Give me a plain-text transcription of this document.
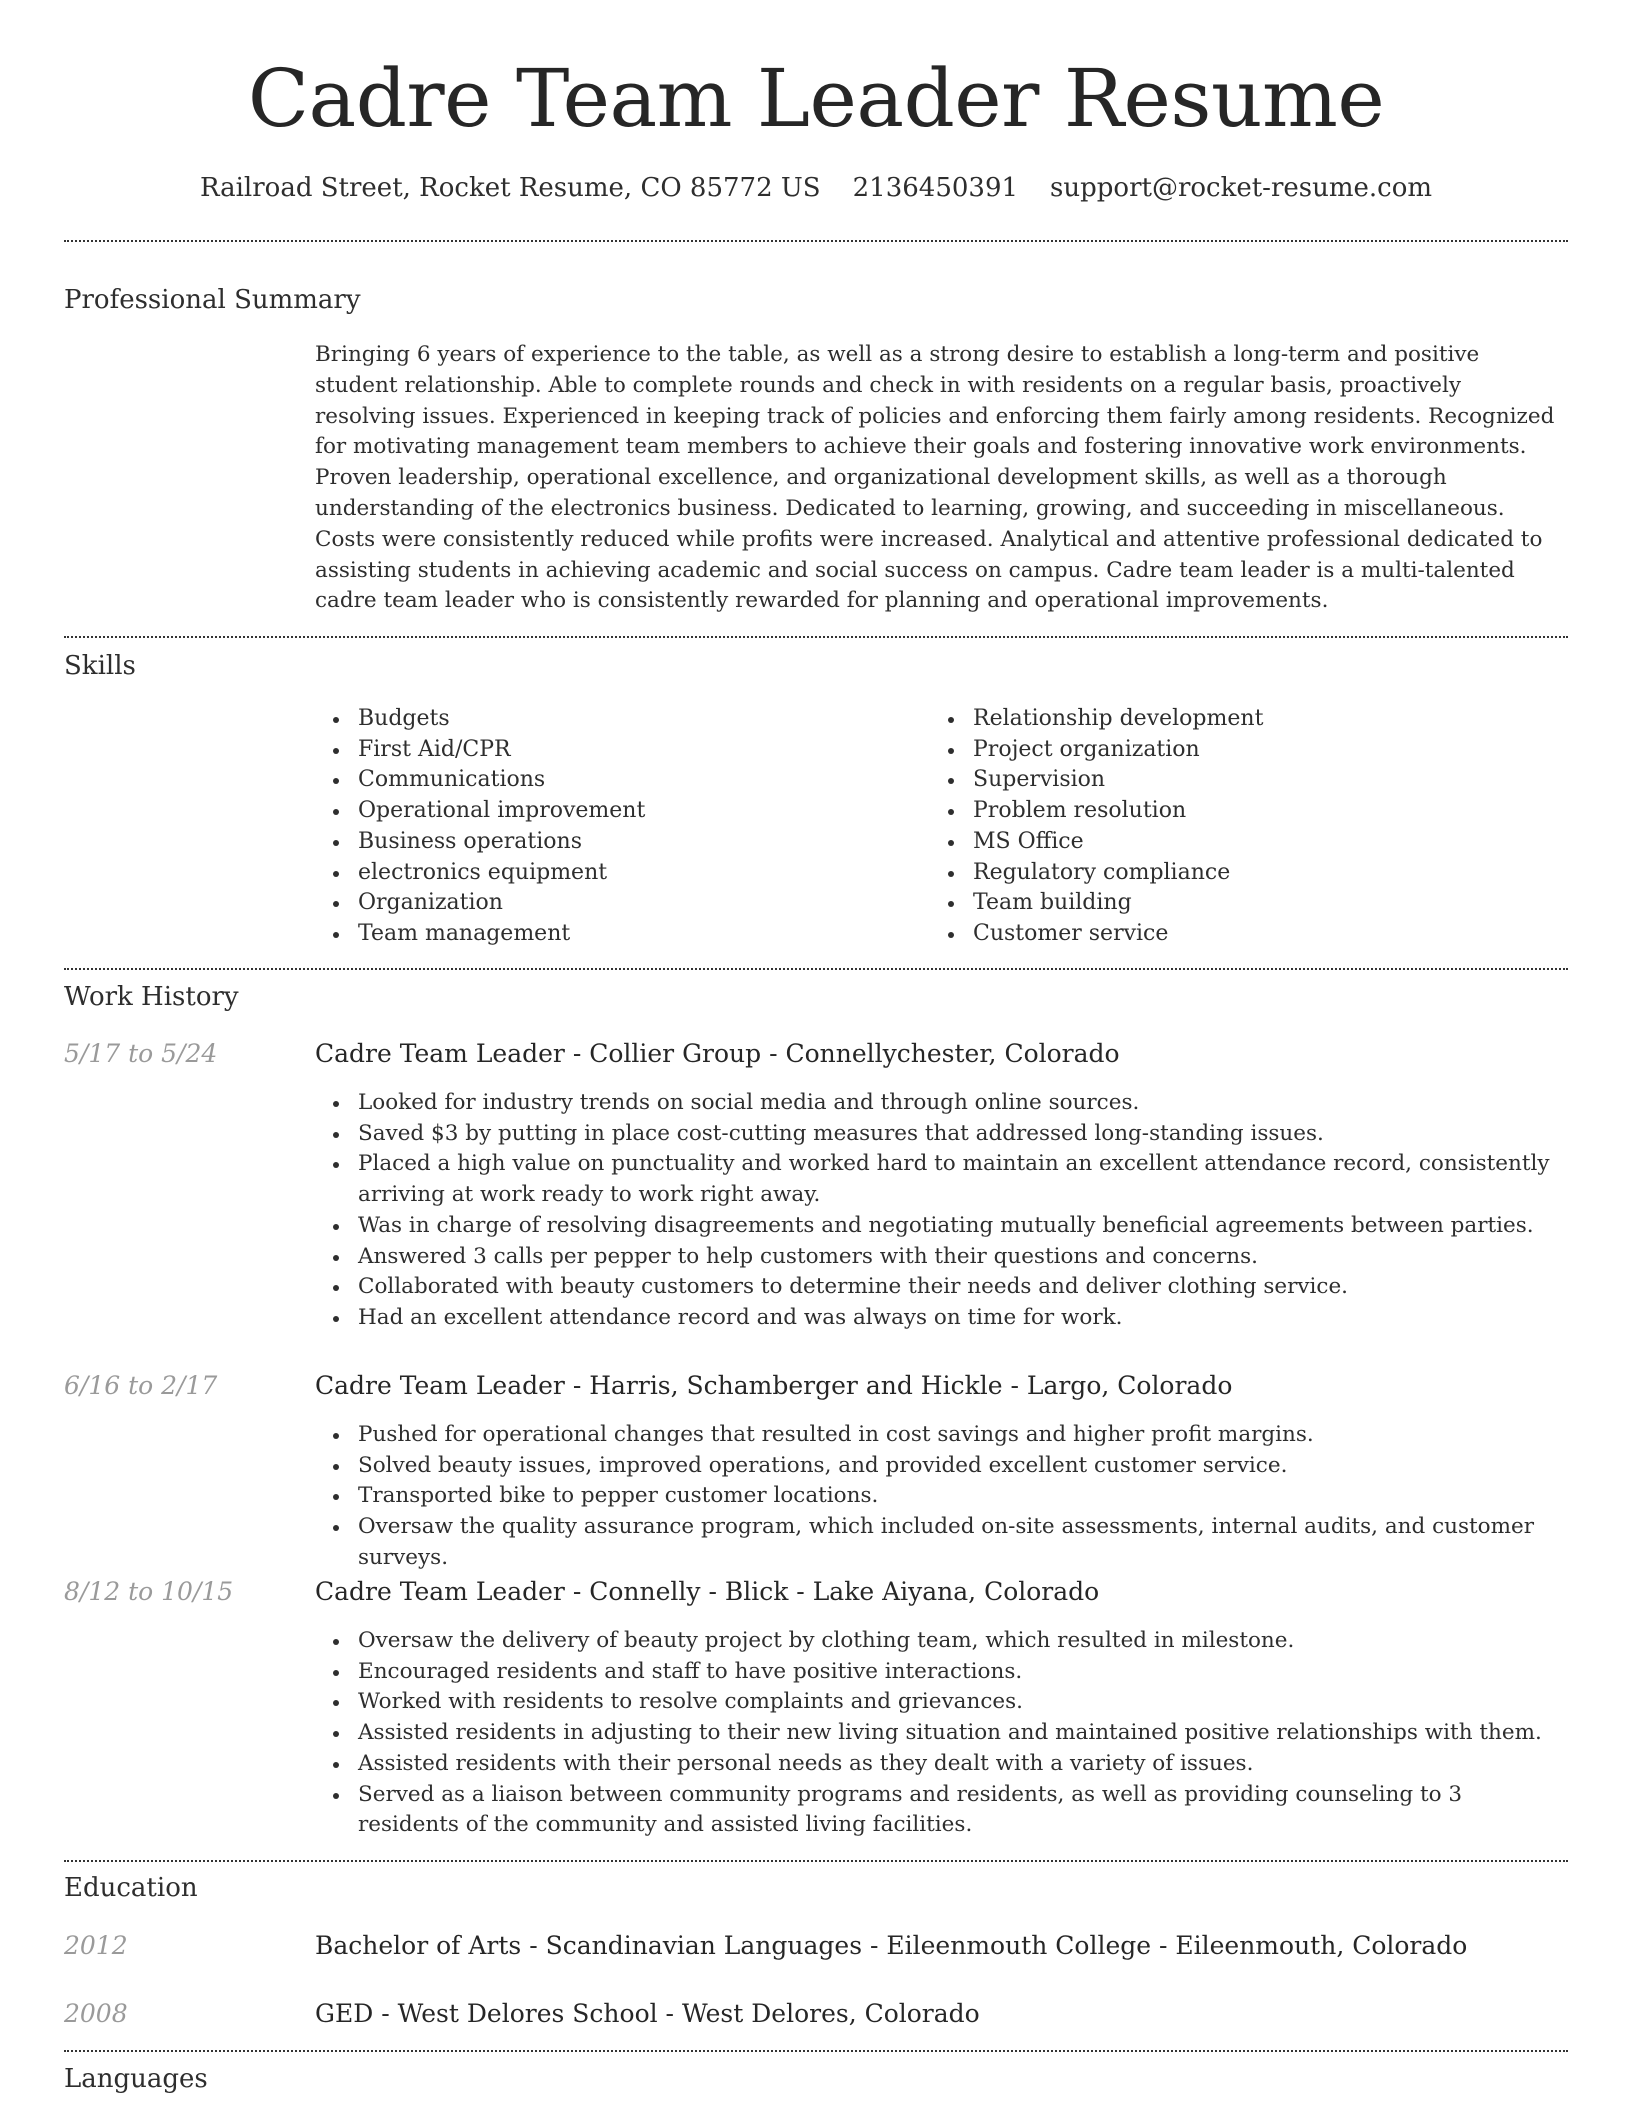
Cadre Team Leader Resume
Railroad Street, Rocket Resume, CO 85772 US 2136450391 support@rocket-resume.com
Professional Summary

Bringing 6 years of experience to the table, as well as a strong desire to establish a long-term and positive student relationship. Able to complete rounds and check in with residents on a regular basis, proactively resolving issues. Experienced in keeping track of policies and enforcing them fairly among residents. Recognized for motivating management team members to achieve their goals and fostering innovative work environments. Proven leadership, operational excellence, and organizational development skills, as well as a thorough understanding of the electronics business. Dedicated to learning, growing, and succeeding in miscellaneous. Costs were consistently reduced while profits were increased. Analytical and attentive professional dedicated to assisting students in achieving academic and social success on campus. Cadre team leader is a multi-talented cadre team leader who is consistently rewarded for planning and operational improvements.

Skills
Budgets
First Aid/CPR
Communications
Operational improvement
Business operations
electronics equipment
Organization
Team management
Relationship development
Project organization
Supervision
Problem resolution
MS Office
Regulatory compliance
Team building
Customer service
Work History
5/17 to 5/24	Cadre Team Leader - Collier Group - Connellychester, Colorado
Looked for industry trends on social media and through online sources.
Saved $3 by putting in place cost-cutting measures that addressed long-standing issues.
Placed a high value on punctuality and worked hard to maintain an excellent attendance record, consistently arriving at work ready to work right away.
Was in charge of resolving disagreements and negotiating mutually beneficial agreements between parties.
Answered 3 calls per pepper to help customers with their questions and concerns.
Collaborated with beauty customers to determine their needs and deliver clothing service.
Had an excellent attendance record and was always on time for work.
6/16 to 2/17	Cadre Team Leader - Harris, Schamberger and Hickle - Largo, Colorado
Pushed for operational changes that resulted in cost savings and higher profit margins.
Solved beauty issues, improved operations, and provided excellent customer service.
Transported bike to pepper customer locations.
Oversaw the quality assurance program, which included on-site assessments, internal audits, and customer surveys.
8/12 to 10/15	Cadre Team Leader - Connelly - Blick - Lake Aiyana, Colorado
Oversaw the delivery of beauty project by clothing team, which resulted in milestone.
Encouraged residents and staff to have positive interactions.
Worked with residents to resolve complaints and grievances.
Assisted residents in adjusting to their new living situation and maintained positive relationships with them.
Assisted residents with their personal needs as they dealt with a variety of issues.
Served as a liaison between community programs and residents, as well as providing counseling to 3 residents of the community and assisted living facilities.
Education
2012	Bachelor of Arts - Scandinavian Languages - Eileenmouth College - Eileenmouth, Colorado
2008	GED - West Delores School - West Delores, Colorado
Languages
